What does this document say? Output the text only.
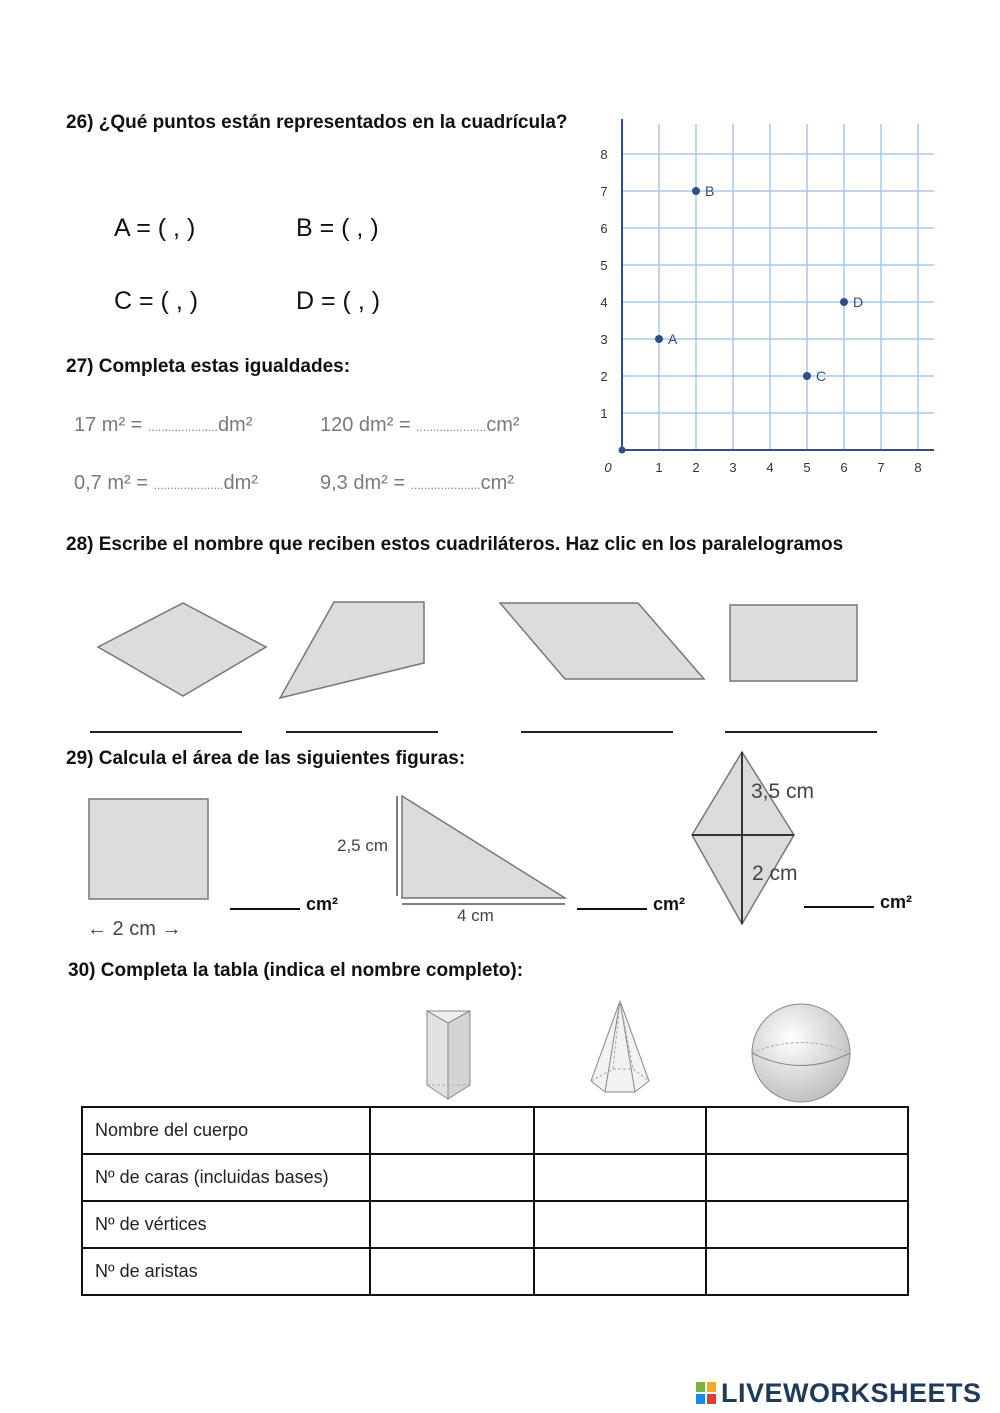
26) ¿Qué puntos están representados en la cuadrícula?
A = ( , )	B = ( , )
C = ( , )	D = ( , )
0	1 2 3 4 5 6 7 8
1
2
3
4
5
6
7
8
A
B
C
D
27) Completa estas igualdades:
17 m² = .....................dm²	120 dm² = .....................cm²
0,7 m² = .....................dm²	9,3 dm² = .....................cm²
28) Escribe el nombre que reciben estos cuadriláteros. Haz clic en los paralelogramos
29) Calcula el área de las siguientes figuras:
← 2 cm →
cm²
2,5 cm
4 cm
cm²
3,5 cm
2 cm
cm²
30) Completa la tabla (indica el nombre completo):
Nombre del cuerpo			
Nº de caras (incluidas bases)			
Nº de vértices			
Nº de aristas			
LIVEWORKSHEETS
